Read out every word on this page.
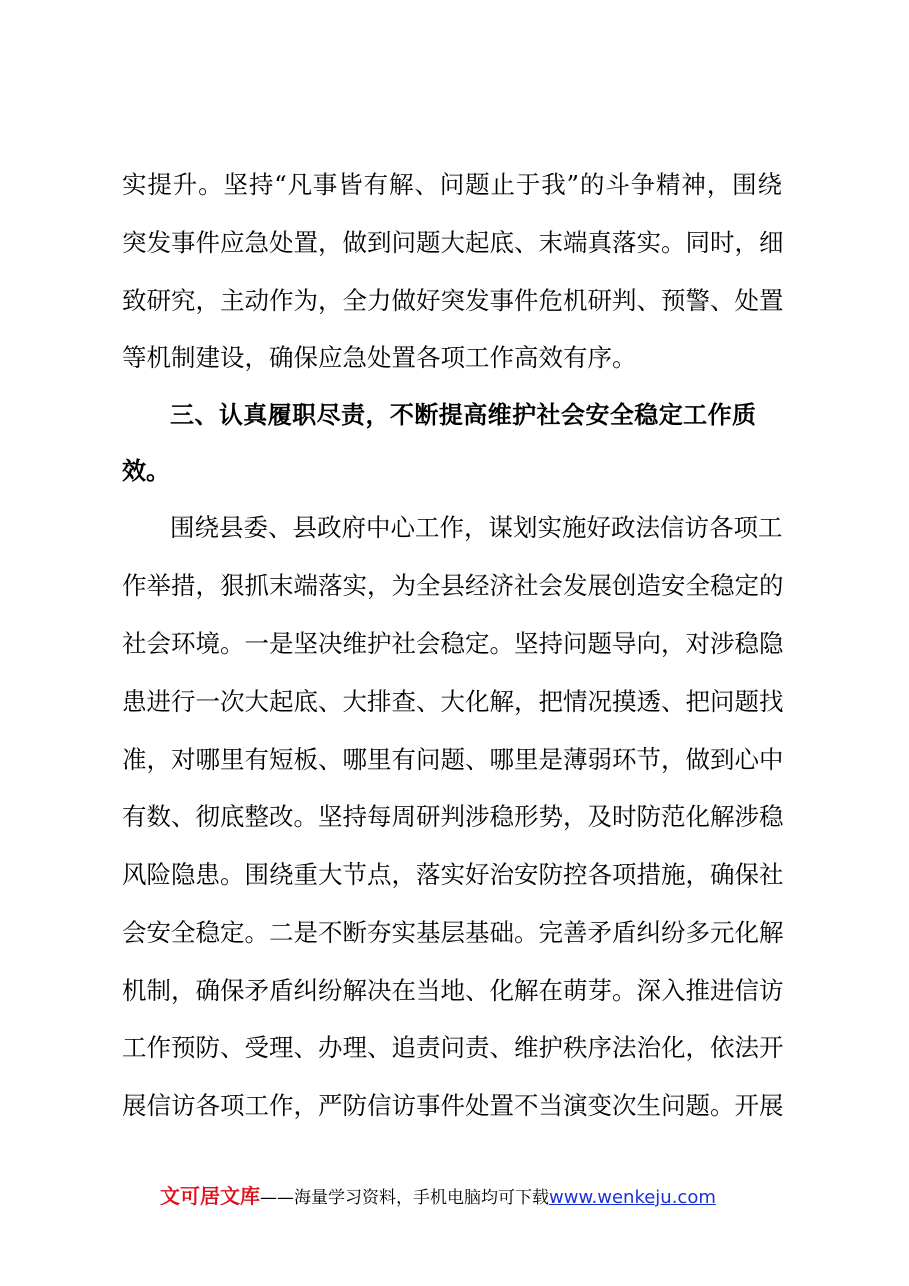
实提升。坚持“凡事皆有解、问题止于我”的斗争精神，围绕
突发事件应急处置，做到问题大起底、末端真落实。同时，细
致研究，主动作为，全力做好突发事件危机研判、预警、处置
等机制建设，确保应急处置各项工作高效有序。
三、认真履职尽责，不断提高维护社会安全稳定工作质
效。
围绕县委、县政府中心工作，谋划实施好政法信访各项工
作举措，狠抓末端落实，为全县经济社会发展创造安全稳定的
社会环境。一是坚决维护社会稳定。坚持问题导向，对涉稳隐
患进行一次大起底、大排查、大化解，把情况摸透、把问题找
准，对哪里有短板、哪里有问题、哪里是薄弱环节，做到心中
有数、彻底整改。坚持每周研判涉稳形势，及时防范化解涉稳
风险隐患。围绕重大节点，落实好治安防控各项措施，确保社
会安全稳定。二是不断夯实基层基础。完善矛盾纠纷多元化解
机制，确保矛盾纠纷解决在当地、化解在萌芽。深入推进信访
工作预防、受理、办理、追责问责、维护秩序法治化，依法开
展信访各项工作，严防信访事件处置不当演变次生问题。开展
文可居文库——海量学习资料，手机电脑均可下载www.wenkeju.com
